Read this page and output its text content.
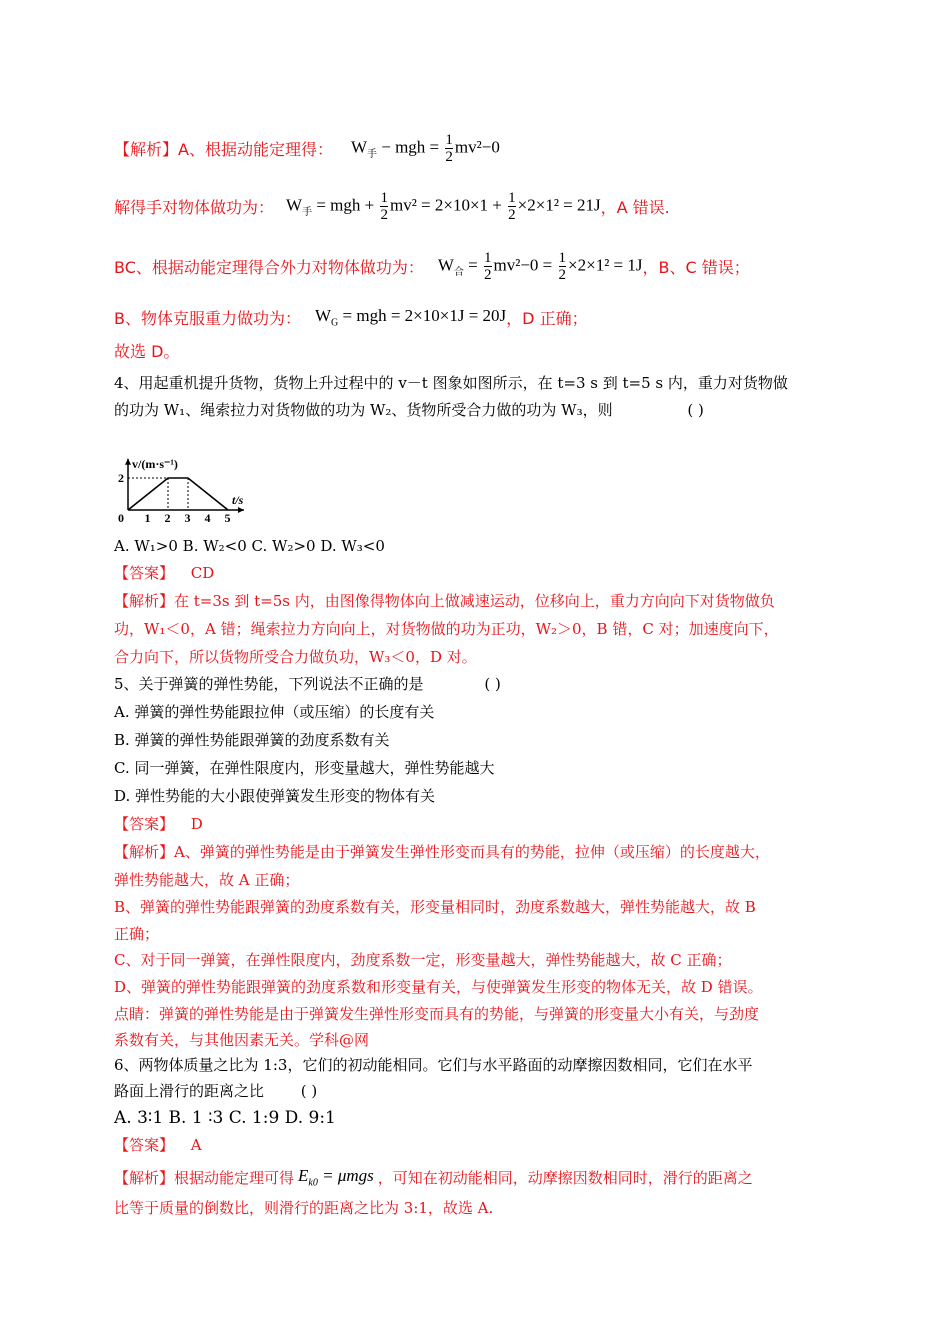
【解析】A、根据动能定理得： $W_手$ − mgh = $\frac{1}{2} mv^2-0$
解得手对物体做功为： $W_手$ = mgh + $\frac{1}{2} mv^2 = 2\times 10\times 1 + \frac{1}{2} \times 2\times 1^2 = 21J$ ，A 错误.
BC、根据动能定理得合外力对物体做功为： $W_合 = \frac{1}{2} mv^2-0 = \frac{1}{2} \times 2\times 1^2 = 1J$ ，B、C 错误；
B、物体克服重力做功为： $W_G$ = mgh = 2×10×1J = 20J ，D 正确；
故选 D。
4、用起重机提升货物，货物上升过程中的 v－t 图象如图所示，在 t=3 s 到 t=5 s 内，重力对货物做
的功为 W₁、绳索拉力对货物做的功为 W₂、货物所受合力做的功为 W₃，则	( )
v/(m·s⁻¹)
t/s
0 1 2 3 4 5
2
A. W₁>0 B. W₂<0 C. W₂>0 D. W₃<0
【答案】 CD
【解析】在 t=3s 到 t=5s 内，由图像得物体向上做减速运动，位移向上，重力方向向下对货物做负
功，W₁＜0，A 错；绳索拉力方向向上，对货物做的功为正功，W₂＞0，B 错，C 对；加速度向下，
合力向下，所以货物所受合力做负功，W₃＜0，D 对。
5、关于弹簧的弹性势能，下列说法不正确的是	( )
A. 弹簧的弹性势能跟拉伸（或压缩）的长度有关
B. 弹簧的弹性势能跟弹簧的劲度系数有关
C. 同一弹簧，在弹性限度内，形变量越大，弹性势能越大
D. 弹性势能的大小跟使弹簧发生形变的物体有关
【答案】 D
【解析】A、弹簧的弹性势能是由于弹簧发生弹性形变而具有的势能，拉伸（或压缩）的长度越大，
弹性势能越大，故 A 正确；
B、弹簧的弹性势能跟弹簧的劲度系数有关，形变量相同时，劲度系数越大，弹性势能越大，故 B
正确；
C、对于同一弹簧，在弹性限度内，劲度系数一定，形变量越大，弹性势能越大，故 C 正确；
D、弹簧的弹性势能跟弹簧的劲度系数和形变量有关，与使弹簧发生形变的物体无关，故 D 错误。
点睛：弹簧的弹性势能是由于弹簧发生弹性形变而具有的势能，与弹簧的形变量大小有关，与劲度
系数有关，与其他因素无关。学科@网
6、两物体质量之比为 1:3，它们的初动能相同。它们与水平路面的动摩擦因数相同，它们在水平
路面上滑行的距离之比 ( )
A. 3∶1 B. 1 ∶3 C. 1:9 D. 9:1
【答案】 A
【解析】根据动能定理可得 $E_{k0} = \mu mgs$ ，可知在初动能相同，动摩擦因数相同时，滑行的距离之
比等于质量的倒数比，则滑行的距离之比为 3:1，故选 A.
